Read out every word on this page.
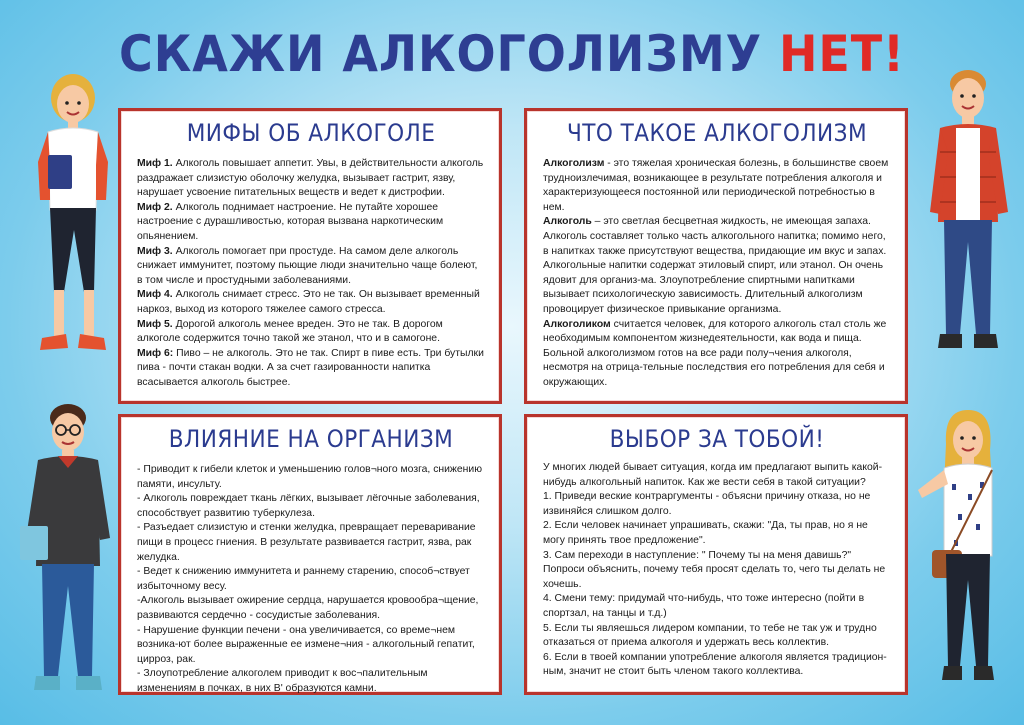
СКАЖИ АЛКОГОЛИЗМУ НЕТ!
МИФЫ ОБ АЛКОГОЛЕ

Миф 1. Алкоголь повышает аппетит. Увы, в действительности алкоголь раздражает слизистую оболочку желудка, вызывает гастрит, язву, нарушает усвоение питательных веществ и ведет к дистрофии.

Миф 2. Алкоголь поднимает настроение. Не путайте хорошее настроение с дурашливостью, которая вызвана наркотическим опьянением.

Миф 3. Алкоголь помогает при простуде. На самом деле алкоголь снижает иммунитет, поэтому пьющие люди значительно чаще болеют, в том числе и простудными заболеваниями.

Миф 4. Алкоголь снимает стресс. Это не так. Он вызывает временный наркоз, выход из которого тяжелее самого стресса.

Миф 5. Дорогой алкоголь менее вреден. Это не так. В дорогом алкоголе содержится точно такой же этанол, что и в самогоне.

Миф 6: Пиво – не алкоголь. Это не так. Спирт в пиве есть. Три бутылки пива - почти стакан водки. А за счет газированности напитка всасывается алкоголь быстрее.

ЧТО ТАКОЕ АЛКОГОЛИЗМ

Алкоголизм - это тяжелая хроническая болезнь, в большинстве своем трудноизлечимая, возникающее в результате потребления алкоголя и характеризующееся постоянной или периодической потребностью в нем.

Алкоголь – это светлая бесцветная жидкость, не имеющая запаха. Алкоголь составляет только часть алкогольного напитка; помимо него, в напитках также присутствуют вещества, придающие им вкус и запах. Алкогольные напитки содержат этиловый спирт, или этанол. Он очень ядовит для организ-ма. Злоупотребление спиртными напитками вызывает психологическую зависимость. Длительный алкоголизм провоцирует физическое привыкание организма.

Алкоголиком считается человек, для которого алкоголь стал столь же необходимым компонентом жизнедеятельности, как вода и пища. Больной алкоголизмом готов на все ради полу¬чения алкоголя, несмотря на отрица-тельные последствия его потребления для себя и окружающих.

ВЛИЯНИЕ НА ОРГАНИЗМ

- Приводит к гибели клеток и уменьшению голов¬ного мозга, снижению памяти, инсульту.

- Алкоголь повреждает ткань лёгких, вызывает лёгочные заболевания, способствует развитию туберкулеза.

- Разъедает слизистую и стенки желудка, превращает переваривание пищи в процесс гниения. В результате развивается гастрит, язва, рак желудка.

- Ведет к снижению иммунитета и раннему старению, способ¬ствует избыточному весу.

-Алкоголь вызывает ожирение сердца, нарушается кровообра¬щение, развиваются сердечно - сосудистые заболевания.

- Нарушение функции печени - она увеличивается, со време¬нем возника-ют более выраженные ее измене¬ния - алкогольный гепатит, цирроз, рак.

- Злоупотребление алкоголем приводит к вос¬палительным изменениям в почках, в них В' образуются камни.

ВЫБОР ЗА ТОБОЙ!

У многих людей бывает ситуация, когда им предлагают выпить какой-нибудь алкогольный напиток. Как же вести себя в такой ситуации?

1. Приведи веские контраргументы - объясни причину отказа, но не извиняйся слишком долго.

2. Если человек начинает упрашивать, скажи: "Да, ты прав, но я не могу принять твое предложение".

3. Сам переходи в наступление: " Почему ты на меня давишь?" Попроси объяснить, почему тебя просят сделать то, чего ты делать не хочешь.

4. Смени тему: придумай что-нибудь, что тоже интересно (пойти в спортзал, на танцы и т.д.)

5. Если ты являешься лидером компании, то тебе не так уж и трудно отказаться от приема алкоголя и удержать весь коллектив.

6. Если в твоей компании употребление алкоголя является традицион-ным, значит не стоит быть членом такого коллектива.
